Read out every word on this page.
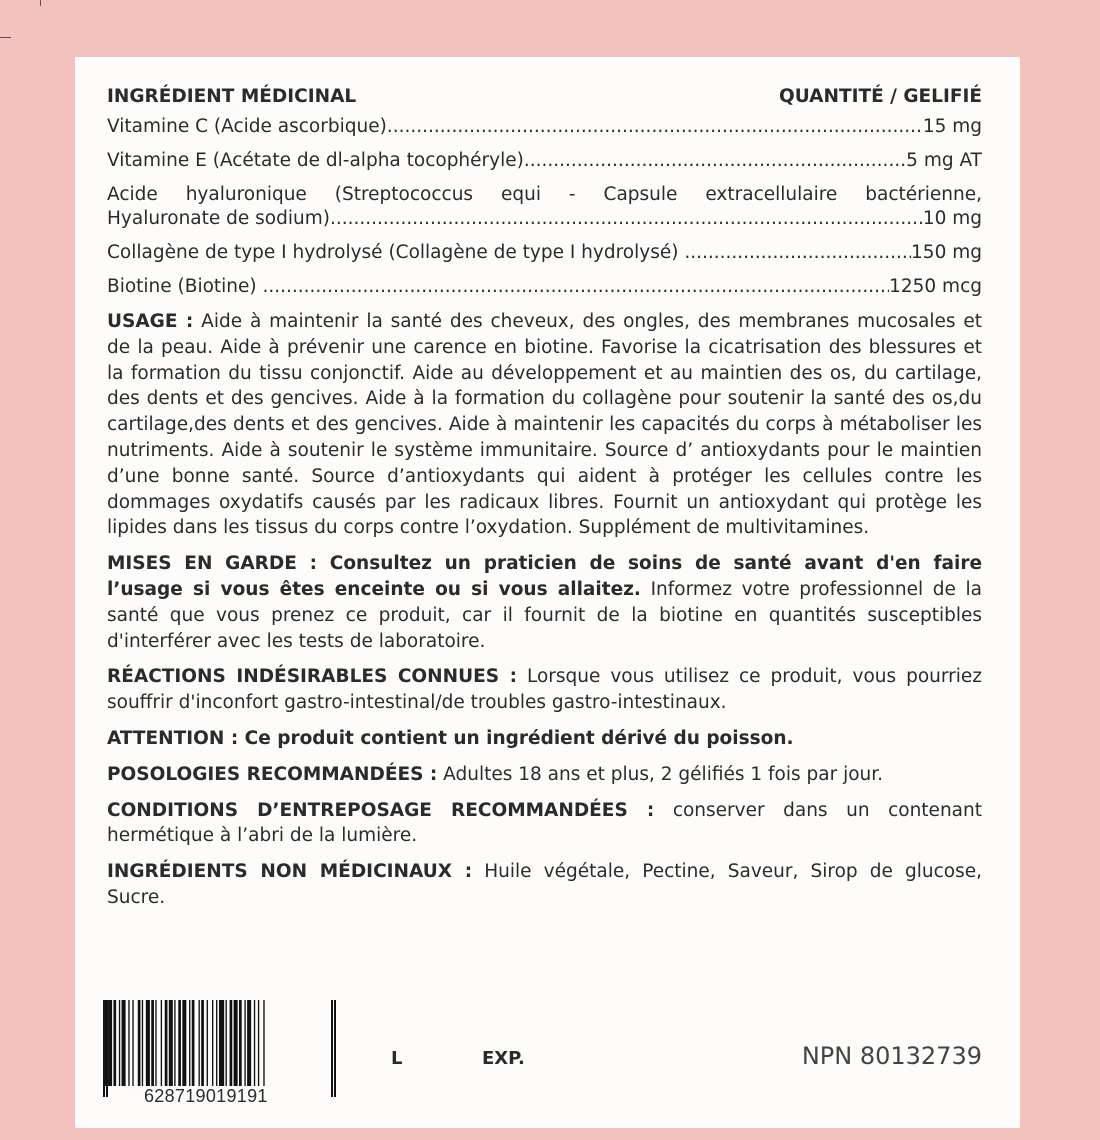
INGRÉDIENT MÉDICINAL	QUANTITÉ / GELIFIÉ
Vitamine C (Acide ascorbique) .....	15 mg
Vitamine E (Acétate de dl-alpha tocophéryle) .....	5 mg AT
Acide hyaluronique (Streptococcus equi - Capsule extracellulaire bactérienne,
Hyaluronate de sodium) .....	10 mg
Collagène de type I hydrolysé (Collagène de type I hydrolysé) .....	150 mg
Biotine (Biotine) .....	1250 mcg

USAGE : Aide à maintenir la santé des cheveux, des ongles, des membranes mucosales et de la peau. Aide à prévenir une carence en biotine. Favorise la cicatrisation des blessures et la formation du tissu conjonctif. Aide au développement et au maintien des os, du cartilage, des dents et des gencives. Aide à la formation du collagène pour soutenir la santé des os,du cartilage,des dents et des gencives. Aide à maintenir les capacités du corps à métaboliser les nutriments. Aide à soutenir le système immunitaire. Source d’ antioxydants pour le maintien d’une bonne santé. Source d’antioxydants qui aident à protéger les cellules contre les dommages oxydatifs causés par les radicaux libres. Fournit un antioxydant qui protège les lipides dans les tissus du corps contre l’oxydation. Supplément de multivitamines.

MISES EN GARDE : Consultez un praticien de soins de santé avant d'en faire l’usage si vous êtes enceinte ou si vous allaitez. Informez votre professionnel de la santé que vous prenez ce produit, car il fournit de la biotine en quantités susceptibles d'interférer avec les tests de laboratoire.

RÉACTIONS INDÉSIRABLES CONNUES : Lorsque vous utilisez ce produit, vous pourriez souffrir d'inconfort gastro-intestinal/de troubles gastro-intestinaux.

ATTENTION : Ce produit contient un ingrédient dérivé du poisson.

POSOLOGIES RECOMMANDÉES : Adultes 18 ans et plus, 2 gélifiés 1 fois par jour.

CONDITIONS D’ENTREPOSAGE RECOMMANDÉES : conserver dans un contenant hermétique à l’abri de la lumière.

INGRÉDIENTS NON MÉDICINAUX : Huile végétale, Pectine, Saveur, Sirop de glucose, Sucre.

628719019191
L	EXP.	NPN 80132739
